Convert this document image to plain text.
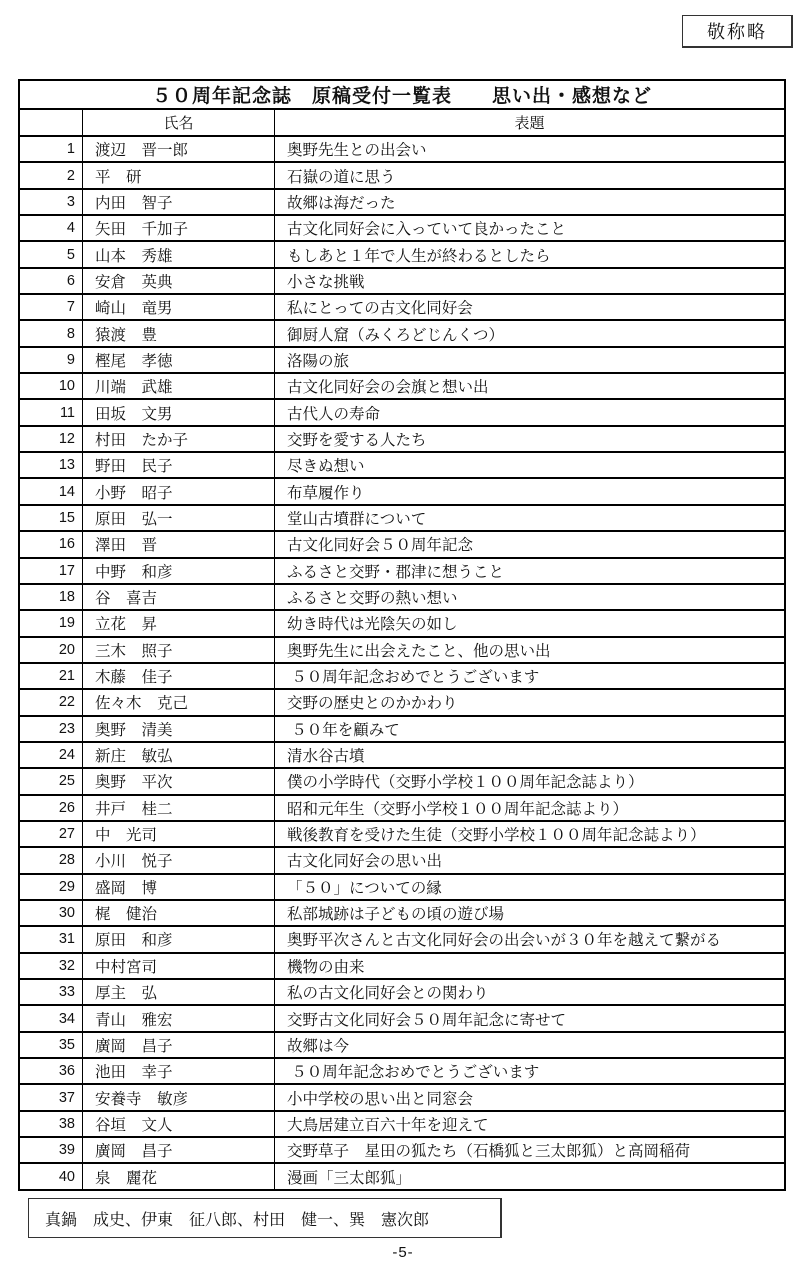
敬称略
５０周年記念誌　原稿受付一覧表　　思い出・感想など
氏名	表題
1	渡辺　晋一郎	奥野先生との出会い
2	平　研	石嶽の道に思う
3	内田　智子	故郷は海だった
4	矢田　千加子	古文化同好会に入っていて良かったこと
5	山本　秀雄	もしあと１年で人生が終わるとしたら
6	安倉　英典	小さな挑戦
7	崎山　竜男	私にとっての古文化同好会
8	猿渡　豊	御厨人窟（みくろどじんくつ）
9	樫尾　孝徳	洛陽の旅
10	川端　武雄	古文化同好会の会旗と想い出
11	田坂　文男	古代人の寿命
12	村田　たか子	交野を愛する人たち
13	野田　民子	尽きぬ想い
14	小野　昭子	布草履作り
15	原田　弘一	堂山古墳群について
16	澤田　晋	古文化同好会５０周年記念
17	中野　和彦	ふるさと交野・郡津に想うこと
18	谷　喜吉	ふるさと交野の熱い想い
19	立花　昇	幼き時代は光陰矢の如し
20	三木　照子	奥野先生に出会えたこと、他の思い出
21	木藤　佳子	５０周年記念おめでとうございます
22	佐々木　克己	交野の歴史とのかかわり
23	奥野　清美	５０年を顧みて
24	新庄　敏弘	清水谷古墳
25	奥野　平次	僕の小学時代（交野小学校１００周年記念誌より）
26	井戸　桂二	昭和元年生（交野小学校１００周年記念誌より）
27	中　光司	戦後教育を受けた生徒（交野小学校１００周年記念誌より）
28	小川　悦子	古文化同好会の思い出
29	盛岡　博	「５０」についての縁
30	梶　健治	私部城跡は子どもの頃の遊び場
31	原田　和彦	奥野平次さんと古文化同好会の出会いが３０年を越えて繋がる
32	中村宮司	機物の由来
33	厚主　弘	私の古文化同好会との関わり
34	青山　雅宏	交野古文化同好会５０周年記念に寄せて
35	廣岡　昌子	故郷は今
36	池田　幸子	５０周年記念おめでとうございます
37	安養寺　敏彦	小中学校の思い出と同窓会
38	谷垣　文人	大鳥居建立百六十年を迎えて
39	廣岡　昌子	交野草子　星田の狐たち（石橋狐と三太郎狐）と高岡稲荷
40	泉　麗花	漫画「三太郎狐」
真鍋　成史、伊東　征八郎、村田　健一、巽　憲次郎
-5-
